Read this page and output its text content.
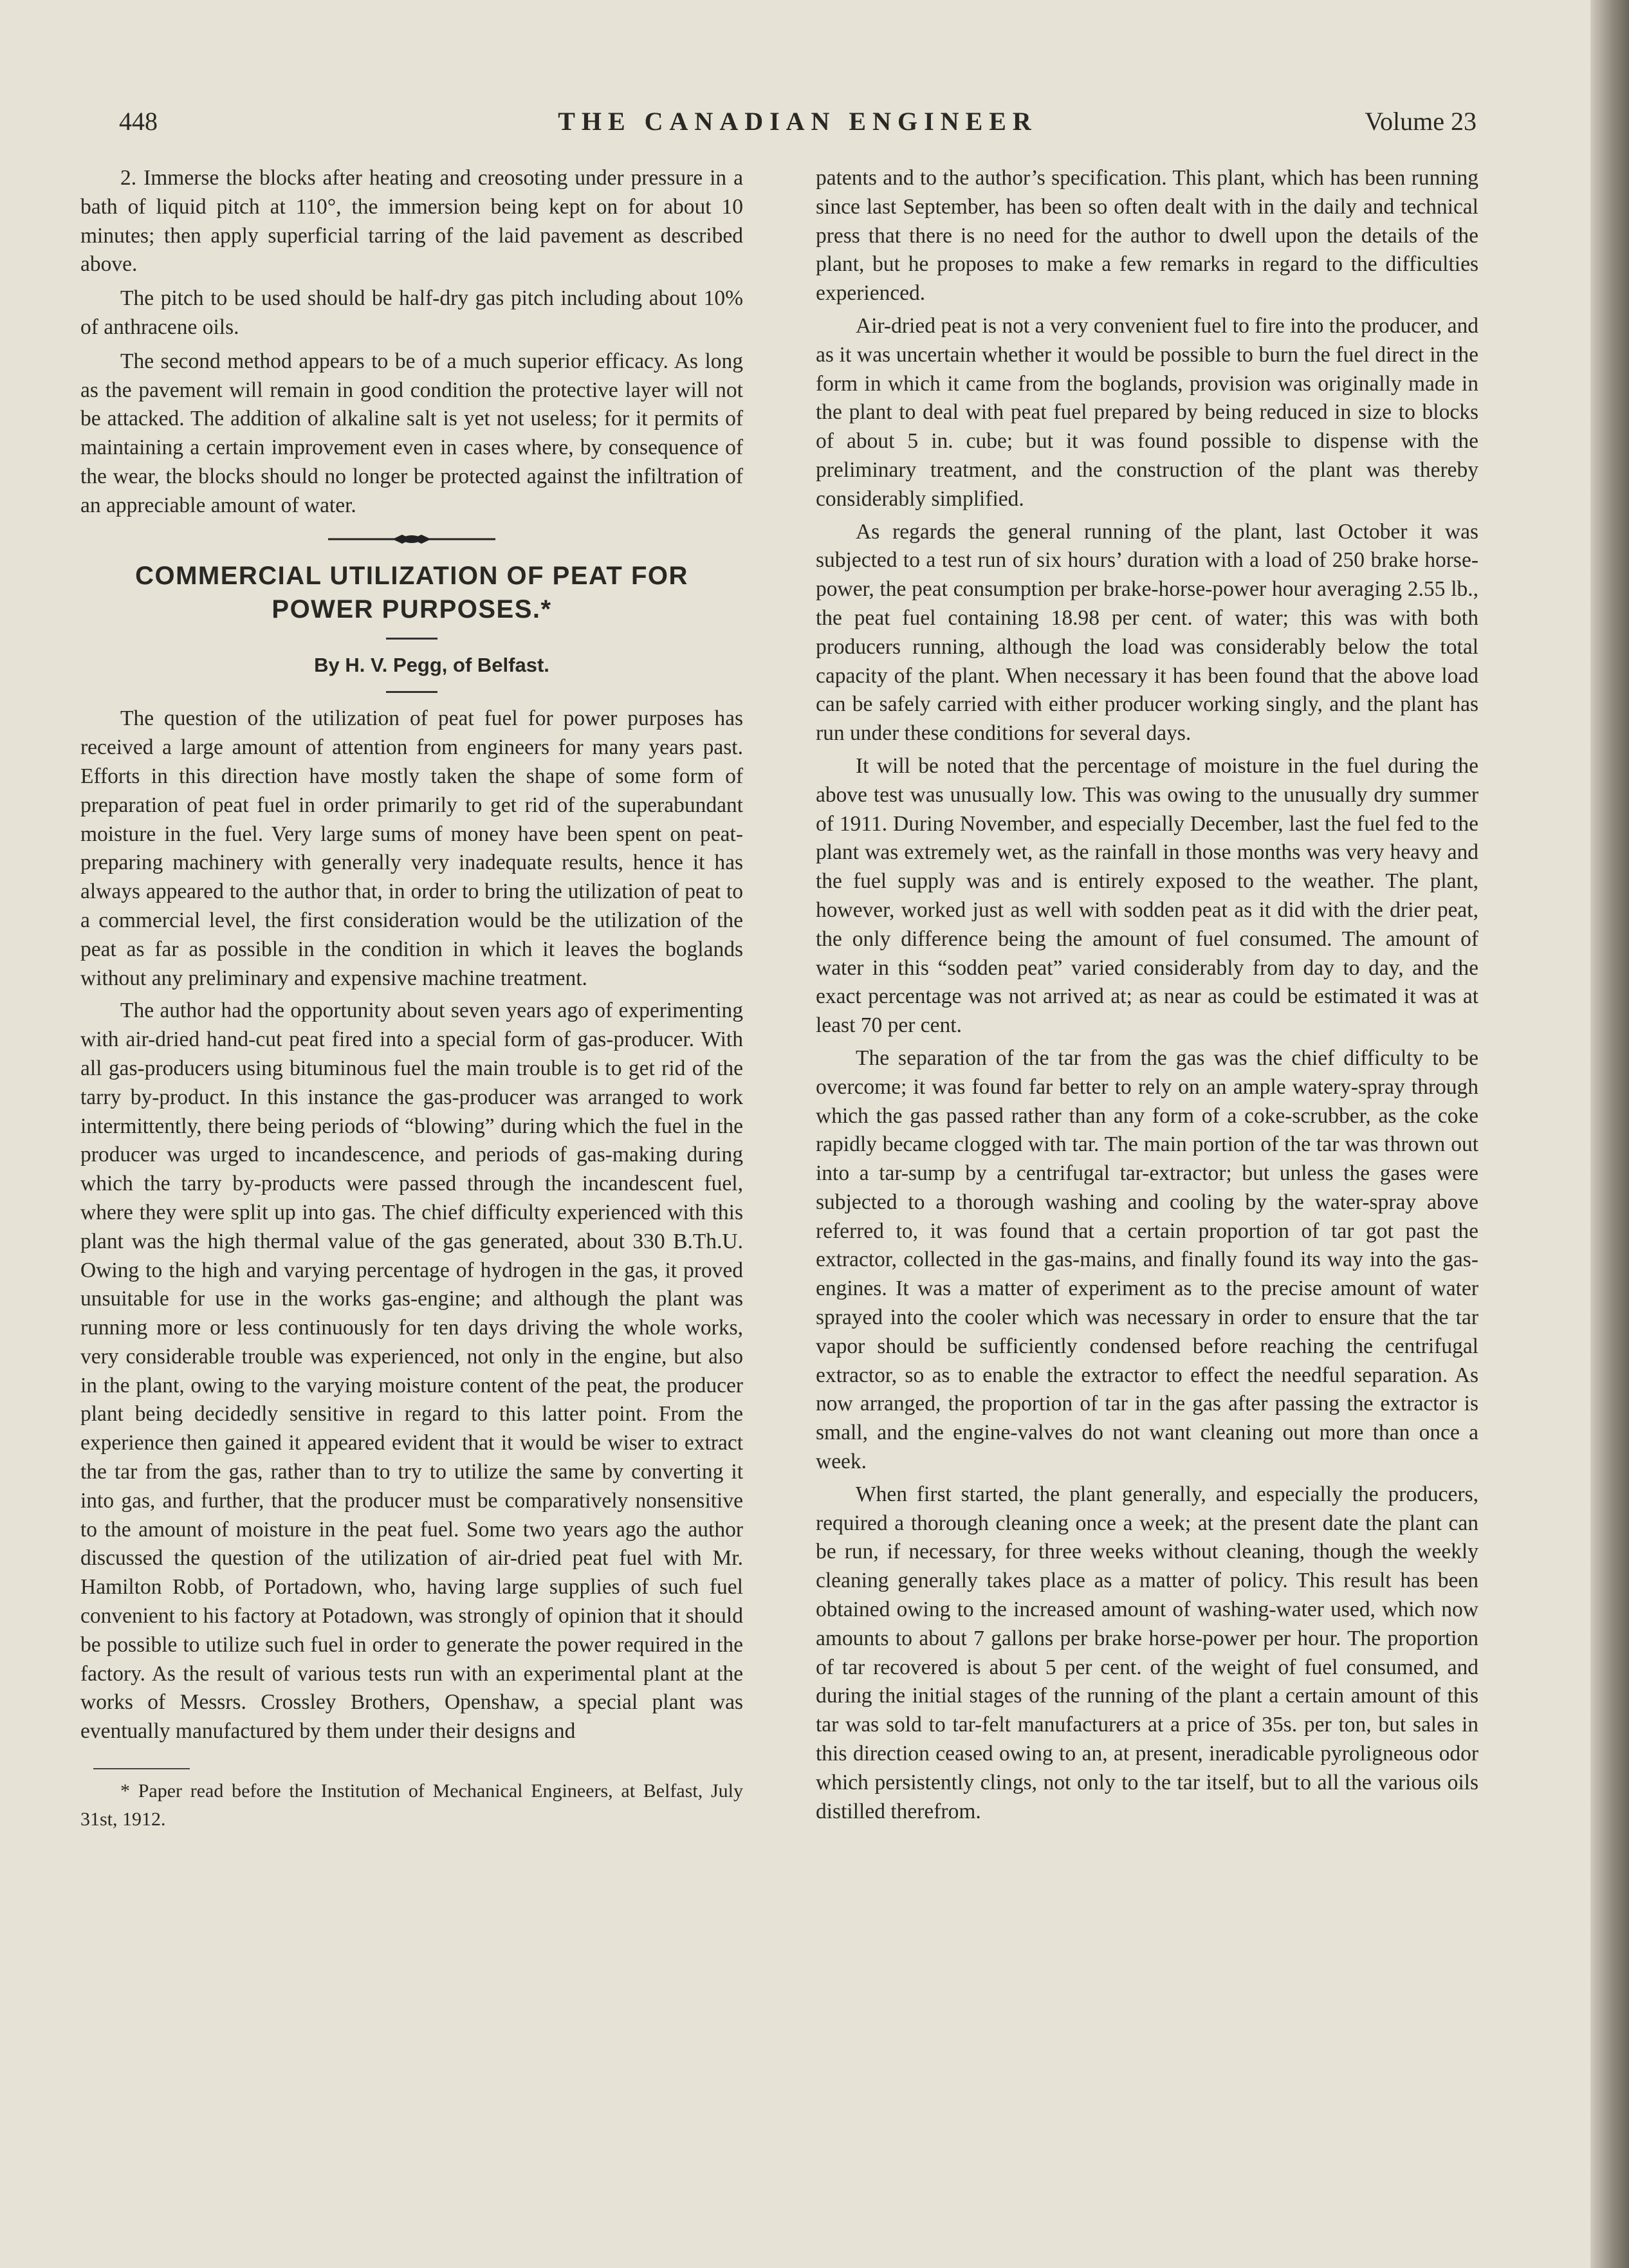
448	THE CANADIAN ENGINEER	Volume 23

2. Immerse the blocks after heating and creosoting under pressure in a bath of liquid pitch at 110°, the immersion being kept on for about 10 minutes; then apply superficial tarring of the laid pavement as described above.

The pitch to be used should be half-dry gas pitch including about 10% of anthracene oils.

The second method appears to be of a much superior efficacy. As long as the pavement will remain in good condition the protective layer will not be attacked. The addition of alkaline salt is yet not useless; for it permits of maintaining a certain improvement even in cases where, by consequence of the wear, the blocks should no longer be protected against the infiltration of an appreciable amount of water.

COMMERCIAL UTILIZATION OF PEAT FOR POWER PURPOSES.*

By H. V. Pegg, of Belfast.

The question of the utilization of peat fuel for power purposes has received a large amount of attention from engineers for many years past. Efforts in this direction have mostly taken the shape of some form of preparation of peat fuel in order primarily to get rid of the superabundant moisture in the fuel. Very large sums of money have been spent on peat-preparing machinery with generally very inadequate results, hence it has always appeared to the author that, in order to bring the utilization of peat to a commercial level, the first consideration would be the utilization of the peat as far as possible in the condition in which it leaves the boglands without any preliminary and expensive machine treatment.

The author had the opportunity about seven years ago of experimenting with air-dried hand-cut peat fired into a special form of gas-producer. With all gas-producers using bituminous fuel the main trouble is to get rid of the tarry by-product. In this instance the gas-producer was arranged to work intermittently, there being periods of “blowing” during which the fuel in the producer was urged to incandescence, and periods of gas-making during which the tarry by-products were passed through the incandescent fuel, where they were split up into gas. The chief difficulty experienced with this plant was the high thermal value of the gas generated, about 330 B.Th.U. Owing to the high and varying percentage of hydrogen in the gas, it proved unsuitable for use in the works gas-engine; and although the plant was running more or less continuously for ten days driving the whole works, very considerable trouble was experienced, not only in the engine, but also in the plant, owing to the varying moisture content of the peat, the producer plant being decidedly sensitive in regard to this latter point. From the experience then gained it appeared evident that it would be wiser to extract the tar from the gas, rather than to try to utilize the same by converting it into gas, and further, that the producer must be comparatively nonsensitive to the amount of moisture in the peat fuel. Some two years ago the author discussed the question of the utilization of air-dried peat fuel with Mr. Hamilton Robb, of Portadown, who, having large supplies of such fuel convenient to his factory at Potadown, was strongly of opinion that it should be possible to utilize such fuel in order to generate the power required in the factory. As the result of various tests run with an experimental plant at the works of Messrs. Crossley Brothers, Openshaw, a special plant was eventually manufactured by them under their designs and

* Paper read before the Institution of Mechanical Engineers, at Belfast, July 31st, 1912.

patents and to the author’s specification. This plant, which has been running since last September, has been so often dealt with in the daily and technical press that there is no need for the author to dwell upon the details of the plant, but he proposes to make a few remarks in regard to the difficulties experienced.

Air-dried peat is not a very convenient fuel to fire into the producer, and as it was uncertain whether it would be possible to burn the fuel direct in the form in which it came from the boglands, provision was originally made in the plant to deal with peat fuel prepared by being reduced in size to blocks of about 5 in. cube; but it was found possible to dispense with the preliminary treatment, and the construction of the plant was thereby considerably simplified.

As regards the general running of the plant, last October it was subjected to a test run of six hours’ duration with a load of 250 brake horse-power, the peat consumption per brake-horse-power hour averaging 2.55 lb., the peat fuel containing 18.98 per cent. of water; this was with both producers running, although the load was considerably below the total capacity of the plant. When necessary it has been found that the above load can be safely carried with either producer working singly, and the plant has run under these conditions for several days.

It will be noted that the percentage of moisture in the fuel during the above test was unusually low. This was owing to the unusually dry summer of 1911. During November, and especially December, last the fuel fed to the plant was extremely wet, as the rainfall in those months was very heavy and the fuel supply was and is entirely exposed to the weather. The plant, however, worked just as well with sodden peat as it did with the drier peat, the only difference being the amount of fuel consumed. The amount of water in this “sodden peat” varied considerably from day to day, and the exact percentage was not arrived at; as near as could be estimated it was at least 70 per cent.

The separation of the tar from the gas was the chief difficulty to be overcome; it was found far better to rely on an ample watery-spray through which the gas passed rather than any form of a coke-scrubber, as the coke rapidly became clogged with tar. The main portion of the tar was thrown out into a tar-sump by a centrifugal tar-extractor; but unless the gases were subjected to a thorough washing and cooling by the water-spray above referred to, it was found that a certain proportion of tar got past the extractor, collected in the gas-mains, and finally found its way into the gas-engines. It was a matter of experiment as to the precise amount of water sprayed into the cooler which was necessary in order to ensure that the tar vapor should be sufficiently condensed before reaching the centrifugal extractor, so as to enable the extractor to effect the needful separation. As now arranged, the proportion of tar in the gas after passing the extractor is small, and the engine-valves do not want cleaning out more than once a week.

When first started, the plant generally, and especially the producers, required a thorough cleaning once a week; at the present date the plant can be run, if necessary, for three weeks without cleaning, though the weekly cleaning generally takes place as a matter of policy. This result has been obtained owing to the increased amount of washing-water used, which now amounts to about 7 gallons per brake horse-power per hour. The proportion of tar recovered is about 5 per cent. of the weight of fuel consumed, and during the initial stages of the running of the plant a certain amount of this tar was sold to tar-felt manufacturers at a price of 35s. per ton, but sales in this direction ceased owing to an, at present, ineradicable pyroligneous odor which persistently clings, not only to the tar itself, but to all the various oils distilled therefrom.
